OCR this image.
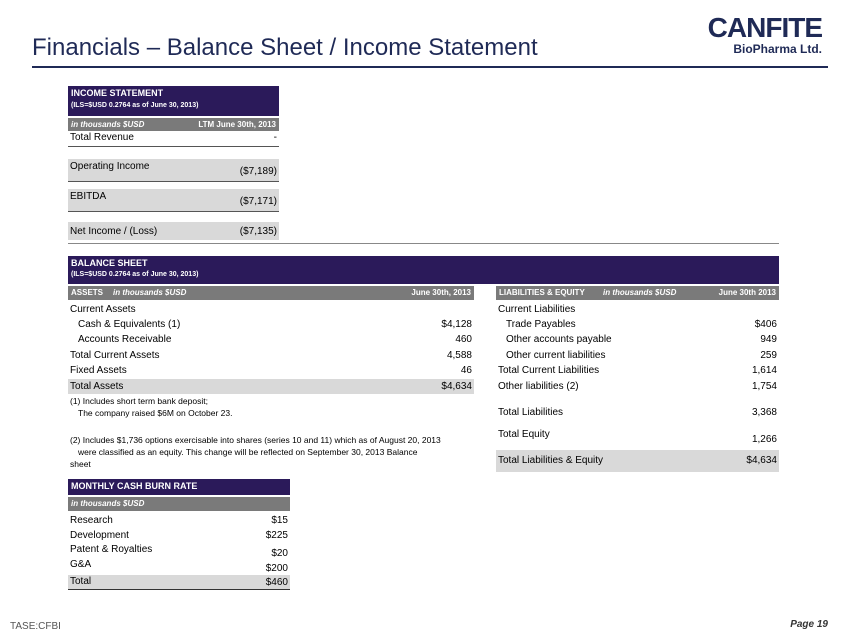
Financials – Balance Sheet / Income Statement
CANFITE
BioPharma Ltd.
INCOME STATEMENT
(ILS=$USD 0.2764 as of June 30, 2013)
in thousands $USD	LTM June 30th, 2013
Total Revenue	-
Operating Income	($7,189)
EBITDA	($7,171)
Net Income / (Loss)	($7,135)
BALANCE SHEET
(ILS=$USD 0.2764 as of June 30, 2013)
ASSETS in thousands $USD	June 30th, 2013	LIABILITIES & EQUITY in thousands $USD	June 30th 2013
Current Assets
Cash & Equivalents (1)	$4,128
Accounts Receivable	460
Total Current Assets	4,588
Fixed Assets	46
Total Assets	$4,634
(1) Includes short term bank deposit;
The company raised $6M on October 23.
(2) Includes $1,736 options exercisable into shares (series 10 and 11) which as of August 20, 2013
were classified as an equity. This change will be reflected on September 30, 2013 Balance
sheet
Current Liabilities
Trade Payables	$406
Other accounts payable	949
Other current liabilities	259
Total Current Liabilities	1,614
Other liabilities (2)	1,754
Total Liabilities	3,368
Total Equity	1,266
Total Liabilities & Equity	$4,634
MONTHLY CASH BURN RATE
in thousands $USD
Research	$15
Development	$225
Patent & Royalties	$20
G&A	$200
Total	$460
TASE:CFBI	Page 19
